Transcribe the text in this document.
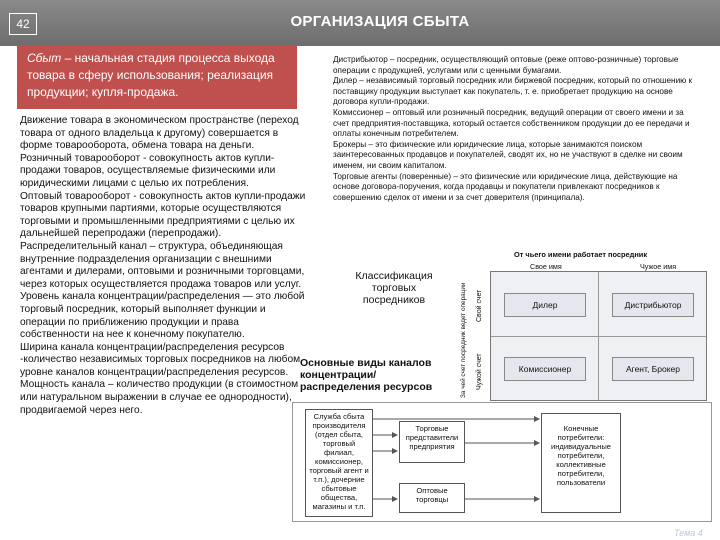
42	ОРГАНИЗАЦИЯ СБЫТА
Сбыт – начальная стадия процесса выхода товара в сферу использования; реализация продукции; купля-продажа.

Движение товара в экономическом пространстве (переход товара от одного владельца к другому) совершается в форме товарооборота, обмена товара на деньги.

Розничный товарооборот - совокупность актов купли-продажи товаров, осуществляемые физическими или юридическими лицами с целью их потребления.

Оптовый товарооборот - совокупность актов купли-продажи товаров крупными партиями, которые осуществляются торговыми и промышленными предприятиями с целью их дальнейшей перепродажи (перепродажи).

Распределительный канал – структура, объединяющая внутренние подразделения организации с внешними агентами и дилерами, оптовыми и розничными торговцами, через которых осуществляется продажа товаров или услуг.

Уровень канала концентрации/распределения — это любой торговый посредник, который выполняет функции и операции по приближению продукции и права собственности на нее к конечному покупателю.

Ширина канала концентрации/распределения ресурсов -количество независимых торговых посредников на любом уровне каналов концентрации/распределения ресурсов.

Мощность канала – количество продукции (в стоимостном или натуральном выражении в случае ее однородности), продвигаемой через него.

Дистрибьютор – посредник, осуществляющий оптовые (реже оптово-розничные) торговые операции с продукцией, услугами или с ценными бумагами.

Дилер – независимый торговый посредник или биржевой посредник, который по отношению к поставщику продукции выступает как покупатель, т. е. приобретает продукцию на основе договора купли-продажи.

Комиссионер – оптовый или розничный посредник, ведущий операции от своего имени и за счет предприятия-поставщика, который остается собственником продукции до ее передачи и оплаты конечным потребителем.

Брокеры – это физические или юридические лица, которые занимаются поиском заинтересованных продавцов и покупателей, сводят их, но не участвуют в сделке ни своим именем, ни своим капиталом.

Торговые агенты (поверенные) – это физические или юридические лица, действующие на основе договора-поручения, когда продавцы и покупатели привлекают посредников к совершению сделок от имени и за счет доверителя (принципала).

Классификация торговых посредников
Основные виды каналов концентрации/распределения ресурсов
От чьего имени работает посредник
Свое имя	Чужое имя
За чей счет посредник ведет операции Свой счет
Чужой счет
Дилер	Дистрибьютор
Комиссионер	Агент, Брокер
Служба сбыта производителя (отдел сбыта, торговый филиал, комиссионер, торговый агент и т.п.), дочерние сбытовые общества, магазины и т.п.
Торговые представители предприятия
Оптовые торговцы
Конечные потребители: индивидуальные потребители, коллективные потребители, пользователи
Тема 4
